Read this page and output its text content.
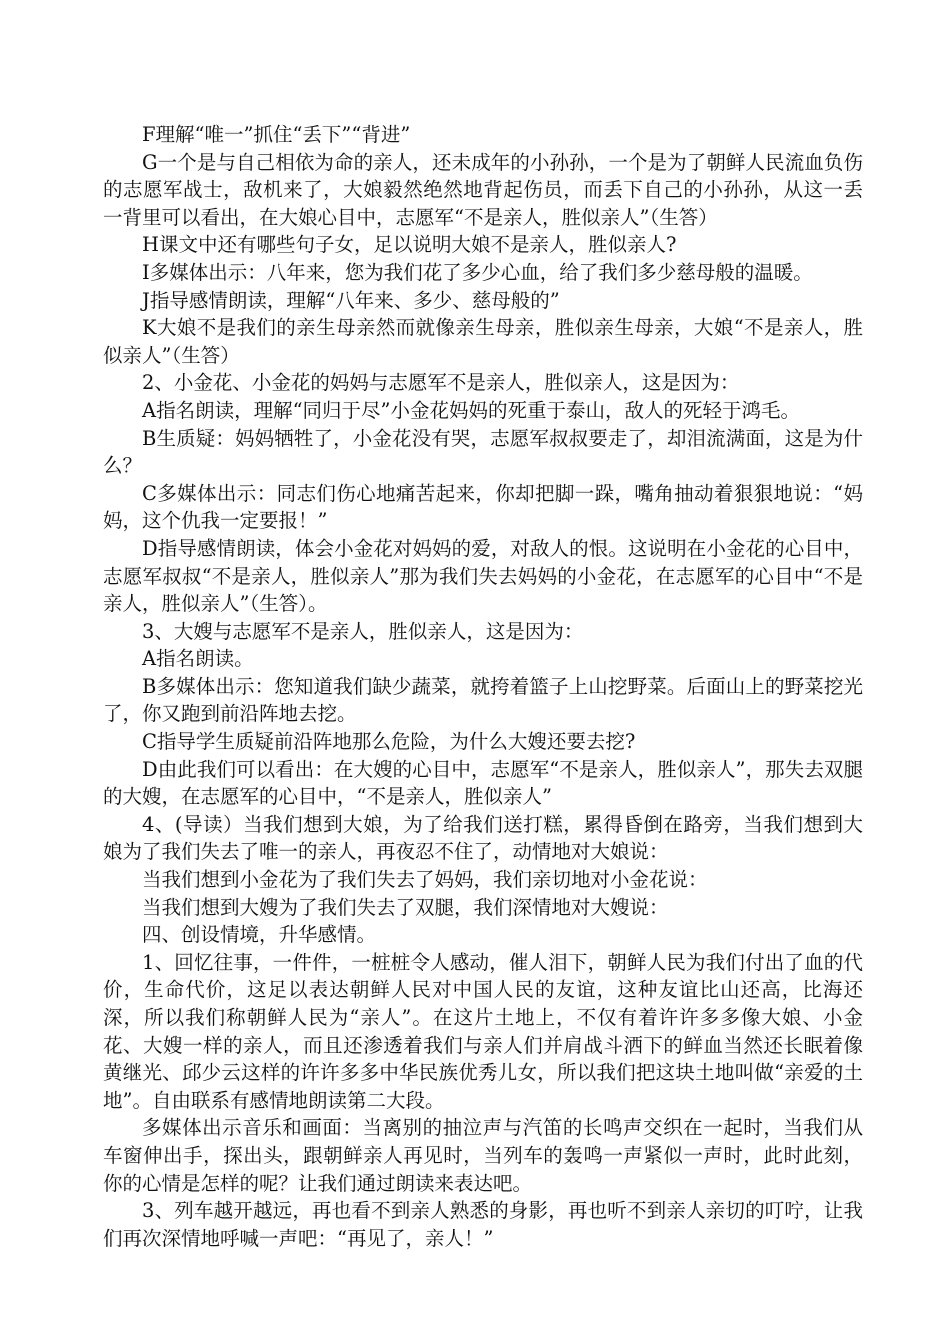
F理解“唯一”抓住“丢下”“背进”

G一个是与自己相依为命的亲人，还未成年的小孙孙，一个是为了朝鲜人民流血负伤的志愿军战士，敌机来了，大娘毅然绝然地背起伤员，而丢下自己的小孙孙，从这一丢一背里可以看出，在大娘心目中，志愿军“不是亲人，胜似亲人”（生答）

H课文中还有哪些句子女，足以说明大娘不是亲人，胜似亲人?

I多媒体出示：八年来，您为我们花了多少心血，给了我们多少慈母般的温暖。

J指导感情朗读，理解“八年来、多少、慈母般的”

K大娘不是我们的亲生母亲然而就像亲生母亲，胜似亲生母亲，大娘“不是亲人，胜似亲人”（生答）

2、小金花、小金花的妈妈与志愿军不是亲人，胜似亲人，这是因为：

A指名朗读，理解“同归于尽”小金花妈妈的死重于泰山，敌人的死轻于鸿毛。

B生质疑：妈妈牺牲了，小金花没有哭，志愿军叔叔要走了，却泪流满面，这是为什么？

C多媒体出示：同志们伤心地痛苦起来，你却把脚一跺，嘴角抽动着狠狠地说：“妈妈，这个仇我一定要报！”

D指导感情朗读，体会小金花对妈妈的爱，对敌人的恨。这说明在小金花的心目中，志愿军叔叔“不是亲人，胜似亲人”那为我们失去妈妈的小金花，在志愿军的心目中“不是亲人，胜似亲人”（生答）。

3、大嫂与志愿军不是亲人，胜似亲人，这是因为：

A指名朗读。

B多媒体出示：您知道我们缺少蔬菜，就挎着篮子上山挖野菜。后面山上的野菜挖光了，你又跑到前沿阵地去挖。

C指导学生质疑前沿阵地那么危险，为什么大嫂还要去挖?

D由此我们可以看出：在大嫂的心目中，志愿军“不是亲人，胜似亲人”，那失去双腿的大嫂，在志愿军的心目中，“不是亲人，胜似亲人”

4、(导读）当我们想到大娘，为了给我们送打糕，累得昏倒在路旁，当我们想到大娘为了我们失去了唯一的亲人，再夜忍不住了，动情地对大娘说：

当我们想到小金花为了我们失去了妈妈，我们亲切地对小金花说：

当我们想到大嫂为了我们失去了双腿，我们深情地对大嫂说：

四、创设情境，升华感情。

1、回忆往事，一件件，一桩桩令人感动，催人泪下，朝鲜人民为我们付出了血的代价，生命代价，这足以表达朝鲜人民对中国人民的友谊，这种友谊比山还高，比海还深，所以我们称朝鲜人民为“亲人”。在这片土地上，不仅有着许许多多像大娘、小金花、大嫂一样的亲人，而且还渗透着我们与亲人们并肩战斗洒下的鲜血当然还长眠着像黄继光、邱少云这样的许许多多中华民族优秀儿女，所以我们把这块土地叫做“亲爱的土地”。自由联系有感情地朗读第二大段。

多媒体出示音乐和画面：当离别的抽泣声与汽笛的长鸣声交织在一起时，当我们从车窗伸出手，探出头，跟朝鲜亲人再见时，当列车的轰鸣一声紧似一声时，此时此刻，你的心情是怎样的呢？让我们通过朗读来表达吧。

3、列车越开越远，再也看不到亲人熟悉的身影，再也听不到亲人亲切的叮咛，让我们再次深情地呼喊一声吧：“再见了，亲人！”
